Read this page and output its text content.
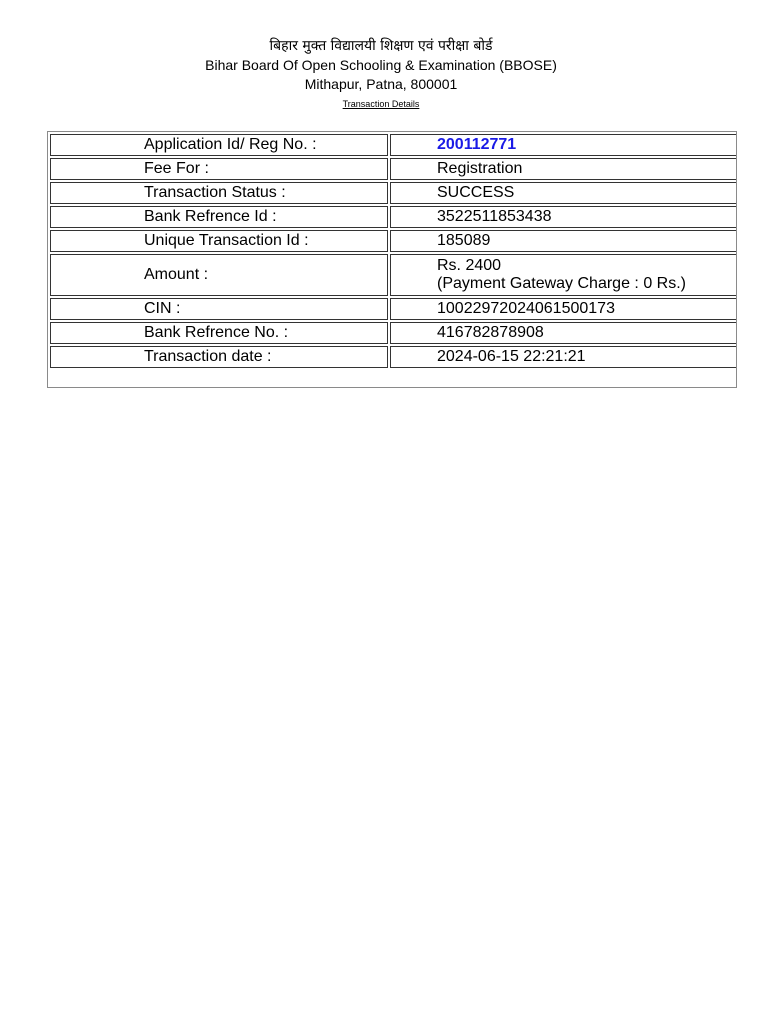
बिहार मुक्त विद्यालयी शिक्षण एवं परीक्षा बोर्ड
Bihar Board Of Open Schooling & Examination (BBOSE)
Mithapur, Patna, 800001
Transaction Details
Application Id/ Reg No. :	200112771
Fee For :	Registration
Transaction Status :	SUCCESS
Bank Refrence Id :	3522511853438
Unique Transaction Id :	185089
Amount :	Rs. 2400
(Payment Gateway Charge : 0 Rs.)

CIN :	10022972024061500173
Bank Refrence No. :	416782878908
Transaction date :	2024-06-15 22:21:21
